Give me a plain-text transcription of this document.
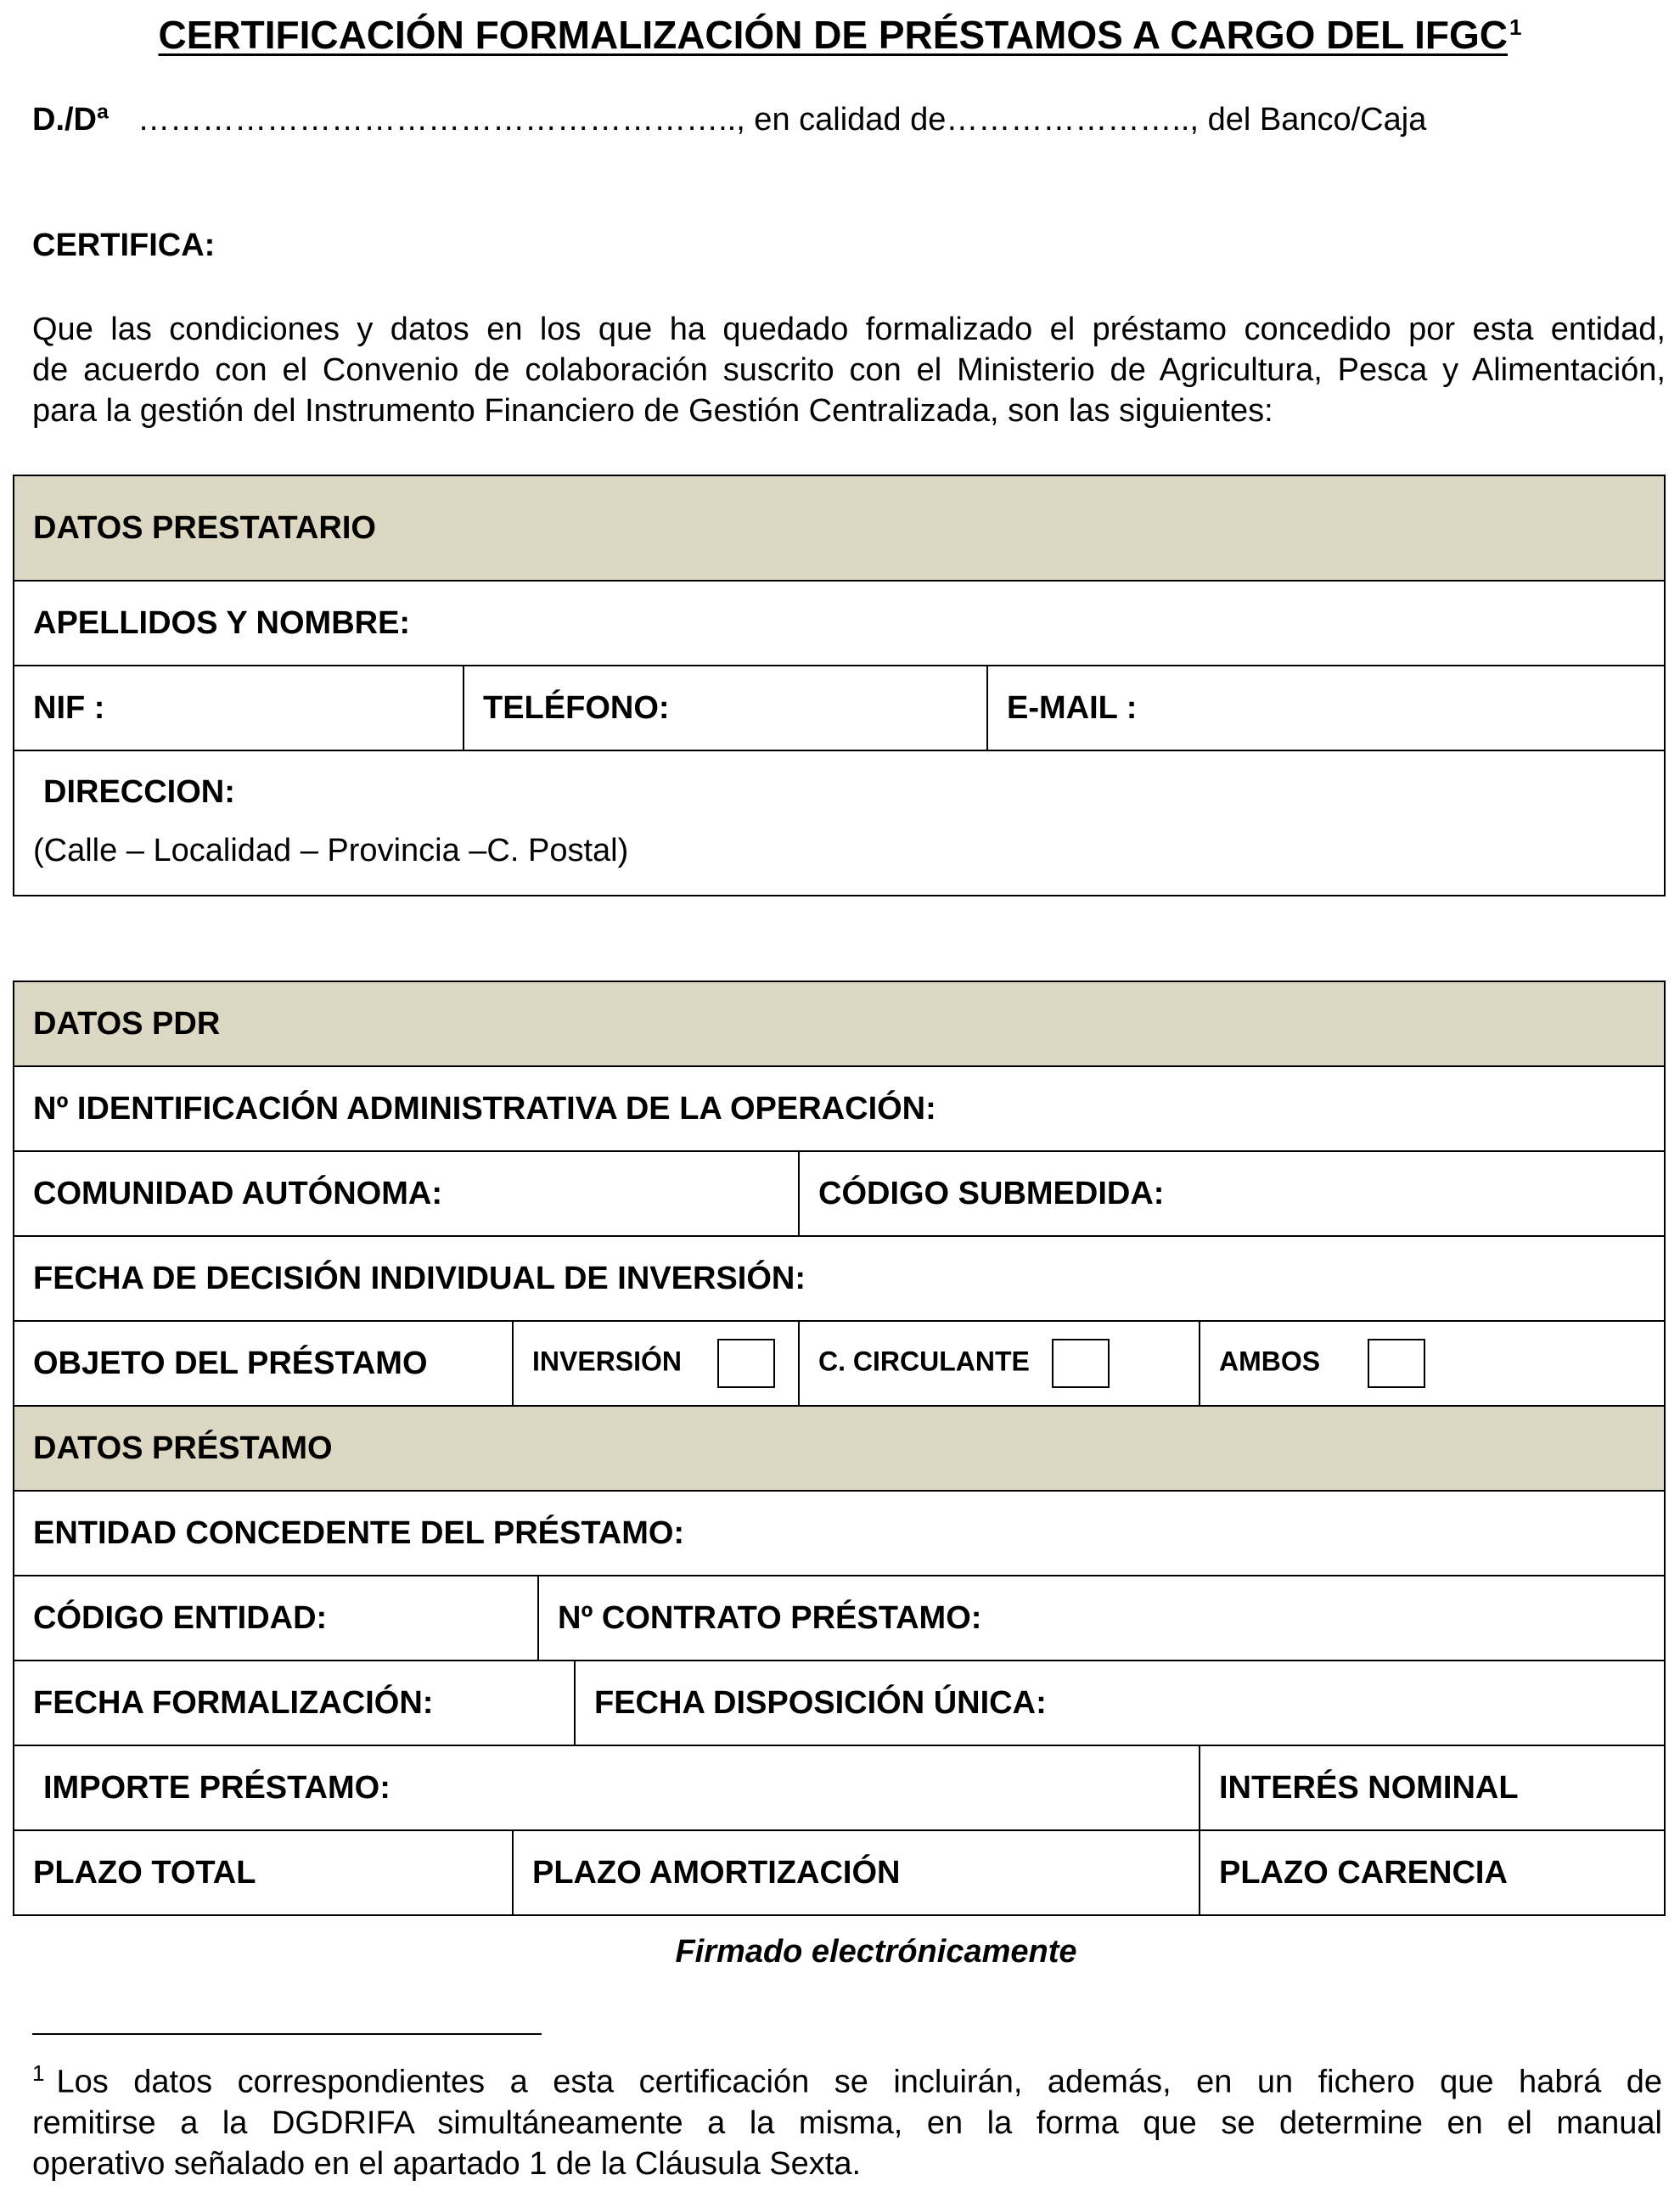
CERTIFICACIÓN FORMALIZACIÓN DE PRÉSTAMOS A CARGO DEL IFGC$^1$
D./Dª ……………………………………………….., en calidad de………………….., del Banco/Caja
CERTIFICA:
Que las condiciones y datos en los que ha quedado formalizado el préstamo concedido por esta entidad,
de acuerdo con el Convenio de colaboración suscrito con el Ministerio de Agricultura, Pesca y Alimentación,
para la gestión del Instrumento Financiero de Gestión Centralizada, son las siguientes:
DATOS PRESTATARIO
APELLIDOS Y NOMBRE:
NIF :	TELÉFONO:	E-MAIL :

DIRECCION:
(Calle – Localidad – Provincia –C. Postal)
DATOS PDR					
Nº IDENTIFICACIÓN ADMINISTRATIVA DE LA OPERACIÓN:					
COMUNIDAD AUTÓNOMA:				CÓDIGO SUBMEDIDA:	
FECHA DE DECISIÓN INDIVIDUAL DE INVERSIÓN:					
OBJETO DEL PRÉSTAMO	INVERSIÓN			C. CIRCULANTE	AMBOS
DATOS PRÉSTAMO					
ENTIDAD CONCEDENTE DEL PRÉSTAMO:					
CÓDIGO ENTIDAD:		Nº CONTRATO PRÉSTAMO:			
FECHA FORMALIZACIÓN:			FECHA DISPOSICIÓN ÚNICA:		
IMPORTE PRÉSTAMO:					INTERÉS NOMINAL
PLAZO TOTAL	PLAZO AMORTIZACIÓN				PLAZO CARENCIA
Firmado electrónicamente
$^1$ Los datos correspondientes a esta certificación se incluirán, además, en un fichero que habrá de
remitirse a la DGDRIFA simultáneamente a la misma, en la forma que se determine en el manual
operativo señalado en el apartado 1 de la Cláusula Sexta.
